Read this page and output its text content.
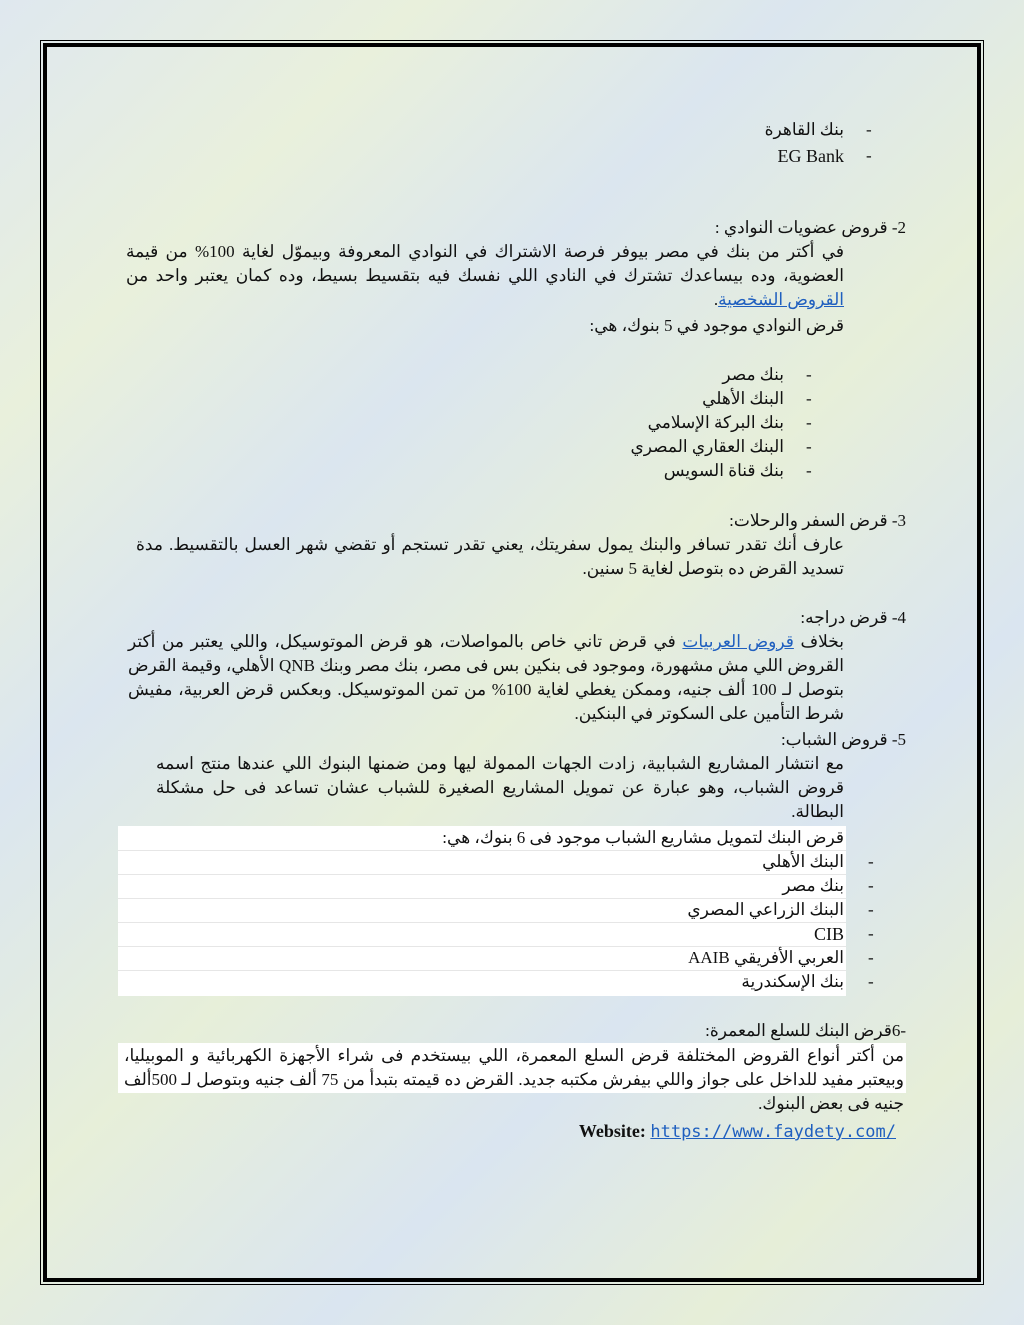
بنك القاهرة -
EG Bank -
2- قروض عضويات النوادي :
في أكتر من بنك في مصر بيوفر فرصة الاشتراك في النوادي المعروفة وبيموّل لغاية 100% من قيمة العضوية، وده بيساعدك تشترك في النادي اللي نفسك فيه بتقسيط بسيط، وده كمان يعتبر واحد من القروض الشخصية.
قرض النوادي موجود في 5 بنوك، هي:
بنك مصر -
البنك الأهلي -
بنك البركة الإسلامي -
البنك العقاري المصري -
بنك قناة السويس -
3- قرض السفر والرحلات:
عارف أنك تقدر تسافر والبنك يمول سفريتك، يعني تقدر تستجم أو تقضي شهر العسل بالتقسيط. مدة تسديد القرض ده بتوصل لغاية 5 سنين.
4- قرض دراجه:
بخلاف قروض العربيات في قرض تاني خاص بالمواصلات، هو قرض الموتوسيكل، واللي يعتبر من أكتر القروض اللي مش مشهورة، وموجود فى بنكين بس فى مصر، بنك مصر وبنك QNB الأهلي، وقيمة القرض بتوصل لـ 100 ألف جنيه، وممكن يغطي لغاية 100% من تمن الموتوسيكل. وبعكس قرض العربية، مفيش شرط التأمين على السكوتر في البنكين.
5- قروض الشباب:
مع انتشار المشاريع الشبابية، زادت الجهات الممولة ليها ومن ضمنها البنوك اللي عندها منتج اسمه قروض الشباب، وهو عبارة عن تمويل المشاريع الصغيرة للشباب عشان تساعد فى حل مشكلة البطالة.
قرض البنك لتمويل مشاريع الشباب موجود فى 6 بنوك، هي:
البنك الأهلي -
بنك مصر -
البنك الزراعي المصري -
CIB -
العربي الأفريقي AAIB -
بنك الإسكندرية -
-6قرض البنك للسلع المعمرة:
من أكتر أنواع القروض المختلفة قرض السلع المعمرة، اللي بيستخدم فى شراء الأجهزة الكهربائية و الموبيليا، وبيعتبر مفيد للداخل على جواز واللي بيفرش مكتبه جديد. القرض ده قيمته بتبدأ من 75 ألف جنيه وبتوصل لـ 500ألف جنيه فى بعض البنوك.
Website: https://www.faydety.com/
